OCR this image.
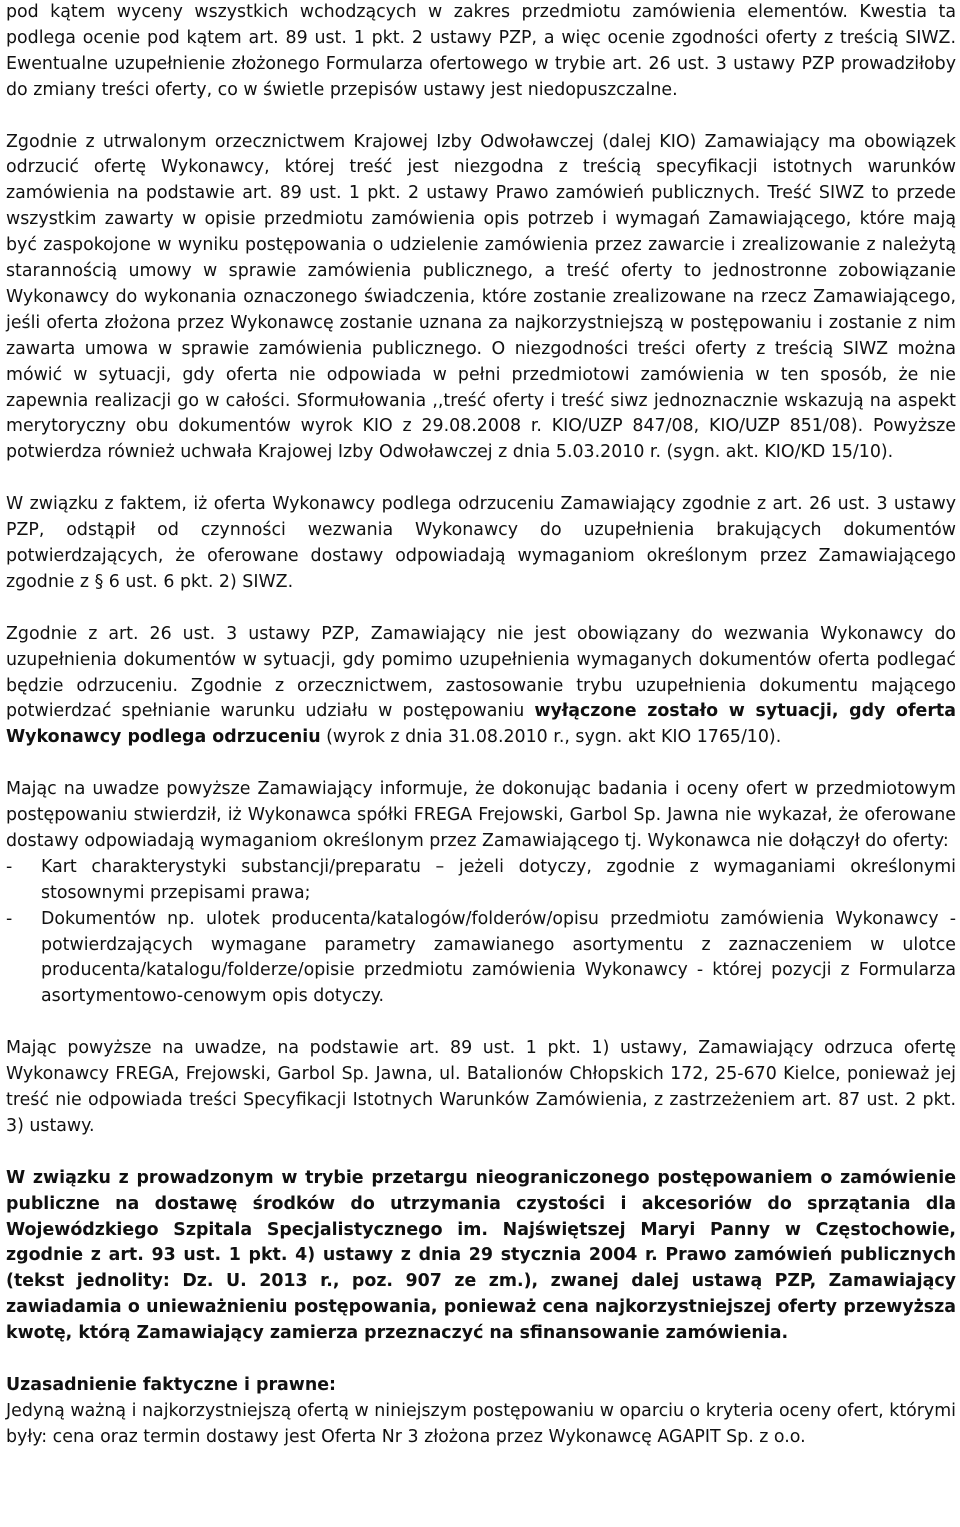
pod kątem wyceny wszystkich wchodzących w zakres przedmiotu zamówienia elementów. Kwestia ta podlega ocenie pod kątem art. 89 ust. 1 pkt. 2 ustawy PZP, a więc ocenie zgodności oferty z treścią SIWZ. Ewentualne uzupełnienie złożonego Formularza ofertowego w trybie art. 26 ust. 3 ustawy PZP prowadziłoby do zmiany treści oferty, co w świetle przepisów ustawy jest niedopuszczalne.

Zgodnie z utrwalonym orzecznictwem Krajowej Izby Odwoławczej (dalej KIO) Zamawiający ma obowiązek odrzucić ofertę Wykonawcy, której treść jest niezgodna z treścią specyfikacji istotnych warunków zamówienia na podstawie art. 89 ust. 1 pkt. 2 ustawy Prawo zamówień publicznych. Treść SIWZ to przede wszystkim zawarty w opisie przedmiotu zamówienia opis potrzeb i wymagań Zamawiającego, które mają być zaspokojone w wyniku postępowania o udzielenie zamówienia przez zawarcie i zrealizowanie z należytą starannością umowy w sprawie zamówienia publicznego, a treść oferty to jednostronne zobowiązanie Wykonawcy do wykonania oznaczonego świadczenia, które zostanie zrealizowane na rzecz Zamawiającego, jeśli oferta złożona przez Wykonawcę zostanie uznana za najkorzystniejszą w postępowaniu i zostanie z nim zawarta umowa w sprawie zamówienia publicznego. O niezgodności treści oferty z treścią SIWZ można mówić w sytuacji, gdy oferta nie odpowiada w pełni przedmiotowi zamówienia w ten sposób, że nie zapewnia realizacji go w całości. Sformułowania ,,treść oferty i treść siwz jednoznacznie wskazują na aspekt merytoryczny obu dokumentów wyrok KIO z 29.08.2008 r. KIO/UZP 847/08, KIO/UZP 851/08). Powyższe potwierdza również uchwała Krajowej Izby Odwoławczej z dnia 5.03.2010 r. (sygn. akt. KIO/KD 15/10).

W związku z faktem, iż oferta Wykonawcy podlega odrzuceniu Zamawiający zgodnie z art. 26 ust. 3 ustawy PZP, odstąpił od czynności wezwania Wykonawcy do uzupełnienia brakujących dokumentów potwierdzających, że oferowane dostawy odpowiadają wymaganiom określonym przez Zamawiającego zgodnie z § 6 ust. 6 pkt. 2) SIWZ.

Zgodnie z art. 26 ust. 3 ustawy PZP, Zamawiający nie jest obowiązany do wezwania Wykonawcy do uzupełnienia dokumentów w sytuacji, gdy pomimo uzupełnienia wymaganych dokumentów oferta podlegać będzie odrzuceniu. Zgodnie z orzecznictwem, zastosowanie trybu uzupełnienia dokumentu mającego potwierdzać spełnianie warunku udziału w postępowaniu wyłączone zostało w sytuacji, gdy oferta Wykonawcy podlega odrzuceniu (wyrok z dnia 31.08.2010 r., sygn. akt KIO 1765/10).

Mając na uwadze powyższe Zamawiający informuje, że dokonując badania i oceny ofert w przedmiotowym postępowaniu stwierdził, iż Wykonawca spółki FREGA Frejowski, Garbol Sp. Jawna nie wykazał, że oferowane dostawy odpowiadają wymaganiom określonym przez Zamawiającego tj. Wykonawca nie dołączył do oferty:

- Kart charakterystyki substancji/preparatu – jeżeli dotyczy, zgodnie z wymaganiami określonymi stosownymi przepisami prawa;
- Dokumentów np. ulotek producenta/katalogów/folderów/opisu przedmiotu zamówienia Wykonawcy - potwierdzających wymagane parametry zamawianego asortymentu z zaznaczeniem w ulotce producenta/katalogu/folderze/opisie przedmiotu zamówienia Wykonawcy - której pozycji z Formularza asortymentowo-cenowym opis dotyczy.

Mając powyższe na uwadze, na podstawie art. 89 ust. 1 pkt. 1) ustawy, Zamawiający odrzuca ofertę Wykonawcy FREGA, Frejowski, Garbol Sp. Jawna, ul. Batalionów Chłopskich 172, 25-670 Kielce, ponieważ jej treść nie odpowiada treści Specyfikacji Istotnych Warunków Zamówienia, z zastrzeżeniem art. 87 ust. 2 pkt. 3) ustawy.

W związku z prowadzonym w trybie przetargu nieograniczonego postępowaniem o zamówienie publiczne na dostawę środków do utrzymania czystości i akcesoriów do sprzątania dla Wojewódzkiego Szpitala Specjalistycznego im. Najświętszej Maryi Panny w Częstochowie, zgodnie z art. 93 ust. 1 pkt. 4) ustawy z dnia 29 stycznia 2004 r. Prawo zamówień publicznych (tekst jednolity: Dz. U. 2013 r., poz. 907 ze zm.), zwanej dalej ustawą PZP, Zamawiający zawiadamia o unieważnieniu postępowania, ponieważ cena najkorzystniejszej oferty przewyższa kwotę, którą Zamawiający zamierza przeznaczyć na sfinansowanie zamówienia.

Uzasadnienie faktyczne i prawne:

Jedyną ważną i najkorzystniejszą ofertą w niniejszym postępowaniu w oparciu o kryteria oceny ofert, którymi były: cena oraz termin dostawy jest Oferta Nr 3 złożona przez Wykonawcę AGAPIT Sp. z o.o.
